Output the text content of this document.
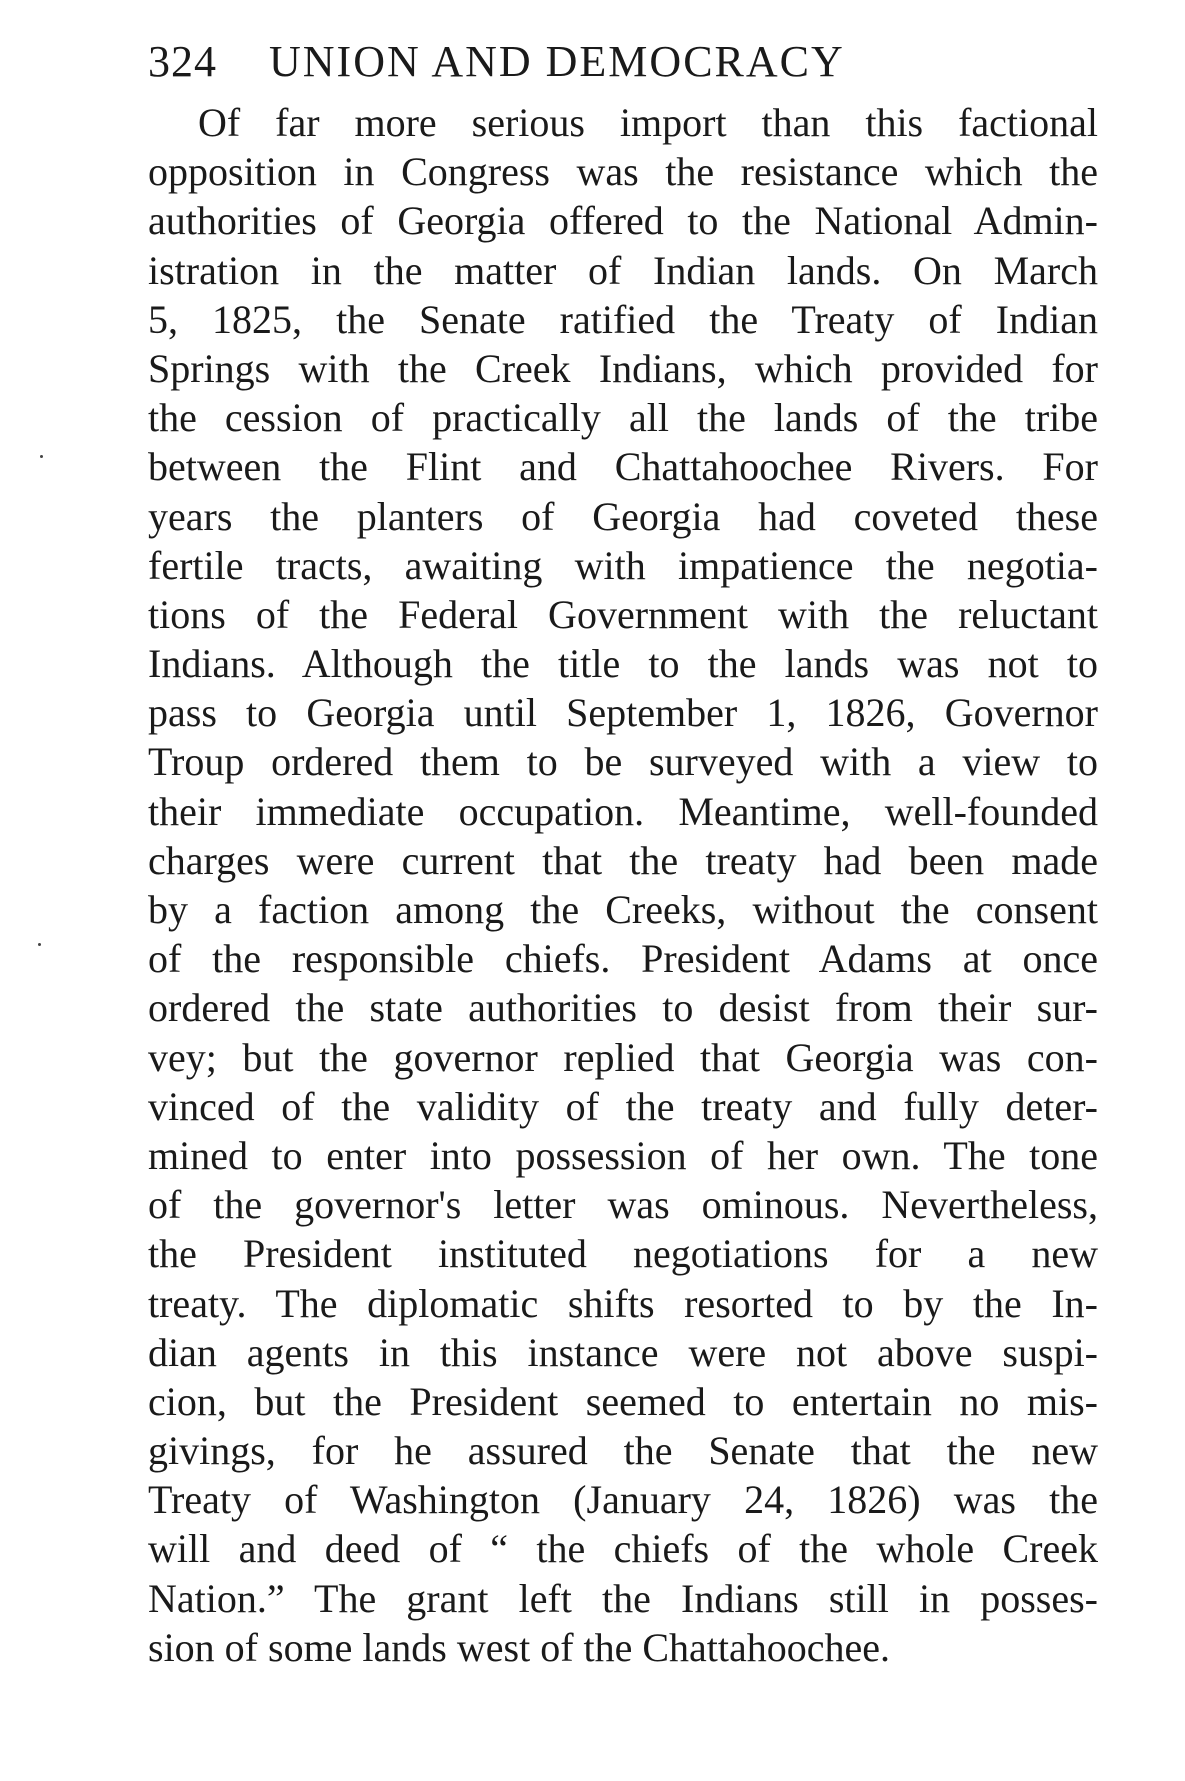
324 UNION AND DEMOCRACY
Of far more serious import than this factional
opposition in Congress was the resistance which the
authorities of Georgia offered to the National Admin-
istration in the matter of Indian lands. On March
5, 1825, the Senate ratified the Treaty of Indian
Springs with the Creek Indians, which provided for
the cession of practically all the lands of the tribe
between the Flint and Chattahoochee Rivers. For
years the planters of Georgia had coveted these
fertile tracts, awaiting with impatience the negotia-
tions of the Federal Government with the reluctant
Indians. Although the title to the lands was not to
pass to Georgia until September 1, 1826, Governor
Troup ordered them to be surveyed with a view to
their immediate occupation. Meantime, well-founded
charges were current that the treaty had been made
by a faction among the Creeks, without the consent
of the responsible chiefs. President Adams at once
ordered the state authorities to desist from their sur-
vey; but the governor replied that Georgia was con-
vinced of the validity of the treaty and fully deter-
mined to enter into possession of her own. The tone
of the governor's letter was ominous. Nevertheless,
the President instituted negotiations for a new
treaty. The diplomatic shifts resorted to by the In-
dian agents in this instance were not above suspi-
cion, but the President seemed to entertain no mis-
givings, for he assured the Senate that the new
Treaty of Washington (January 24, 1826) was the
will and deed of “ the chiefs of the whole Creek
Nation.” The grant left the Indians still in posses-
sion of some lands west of the Chattahoochee.
